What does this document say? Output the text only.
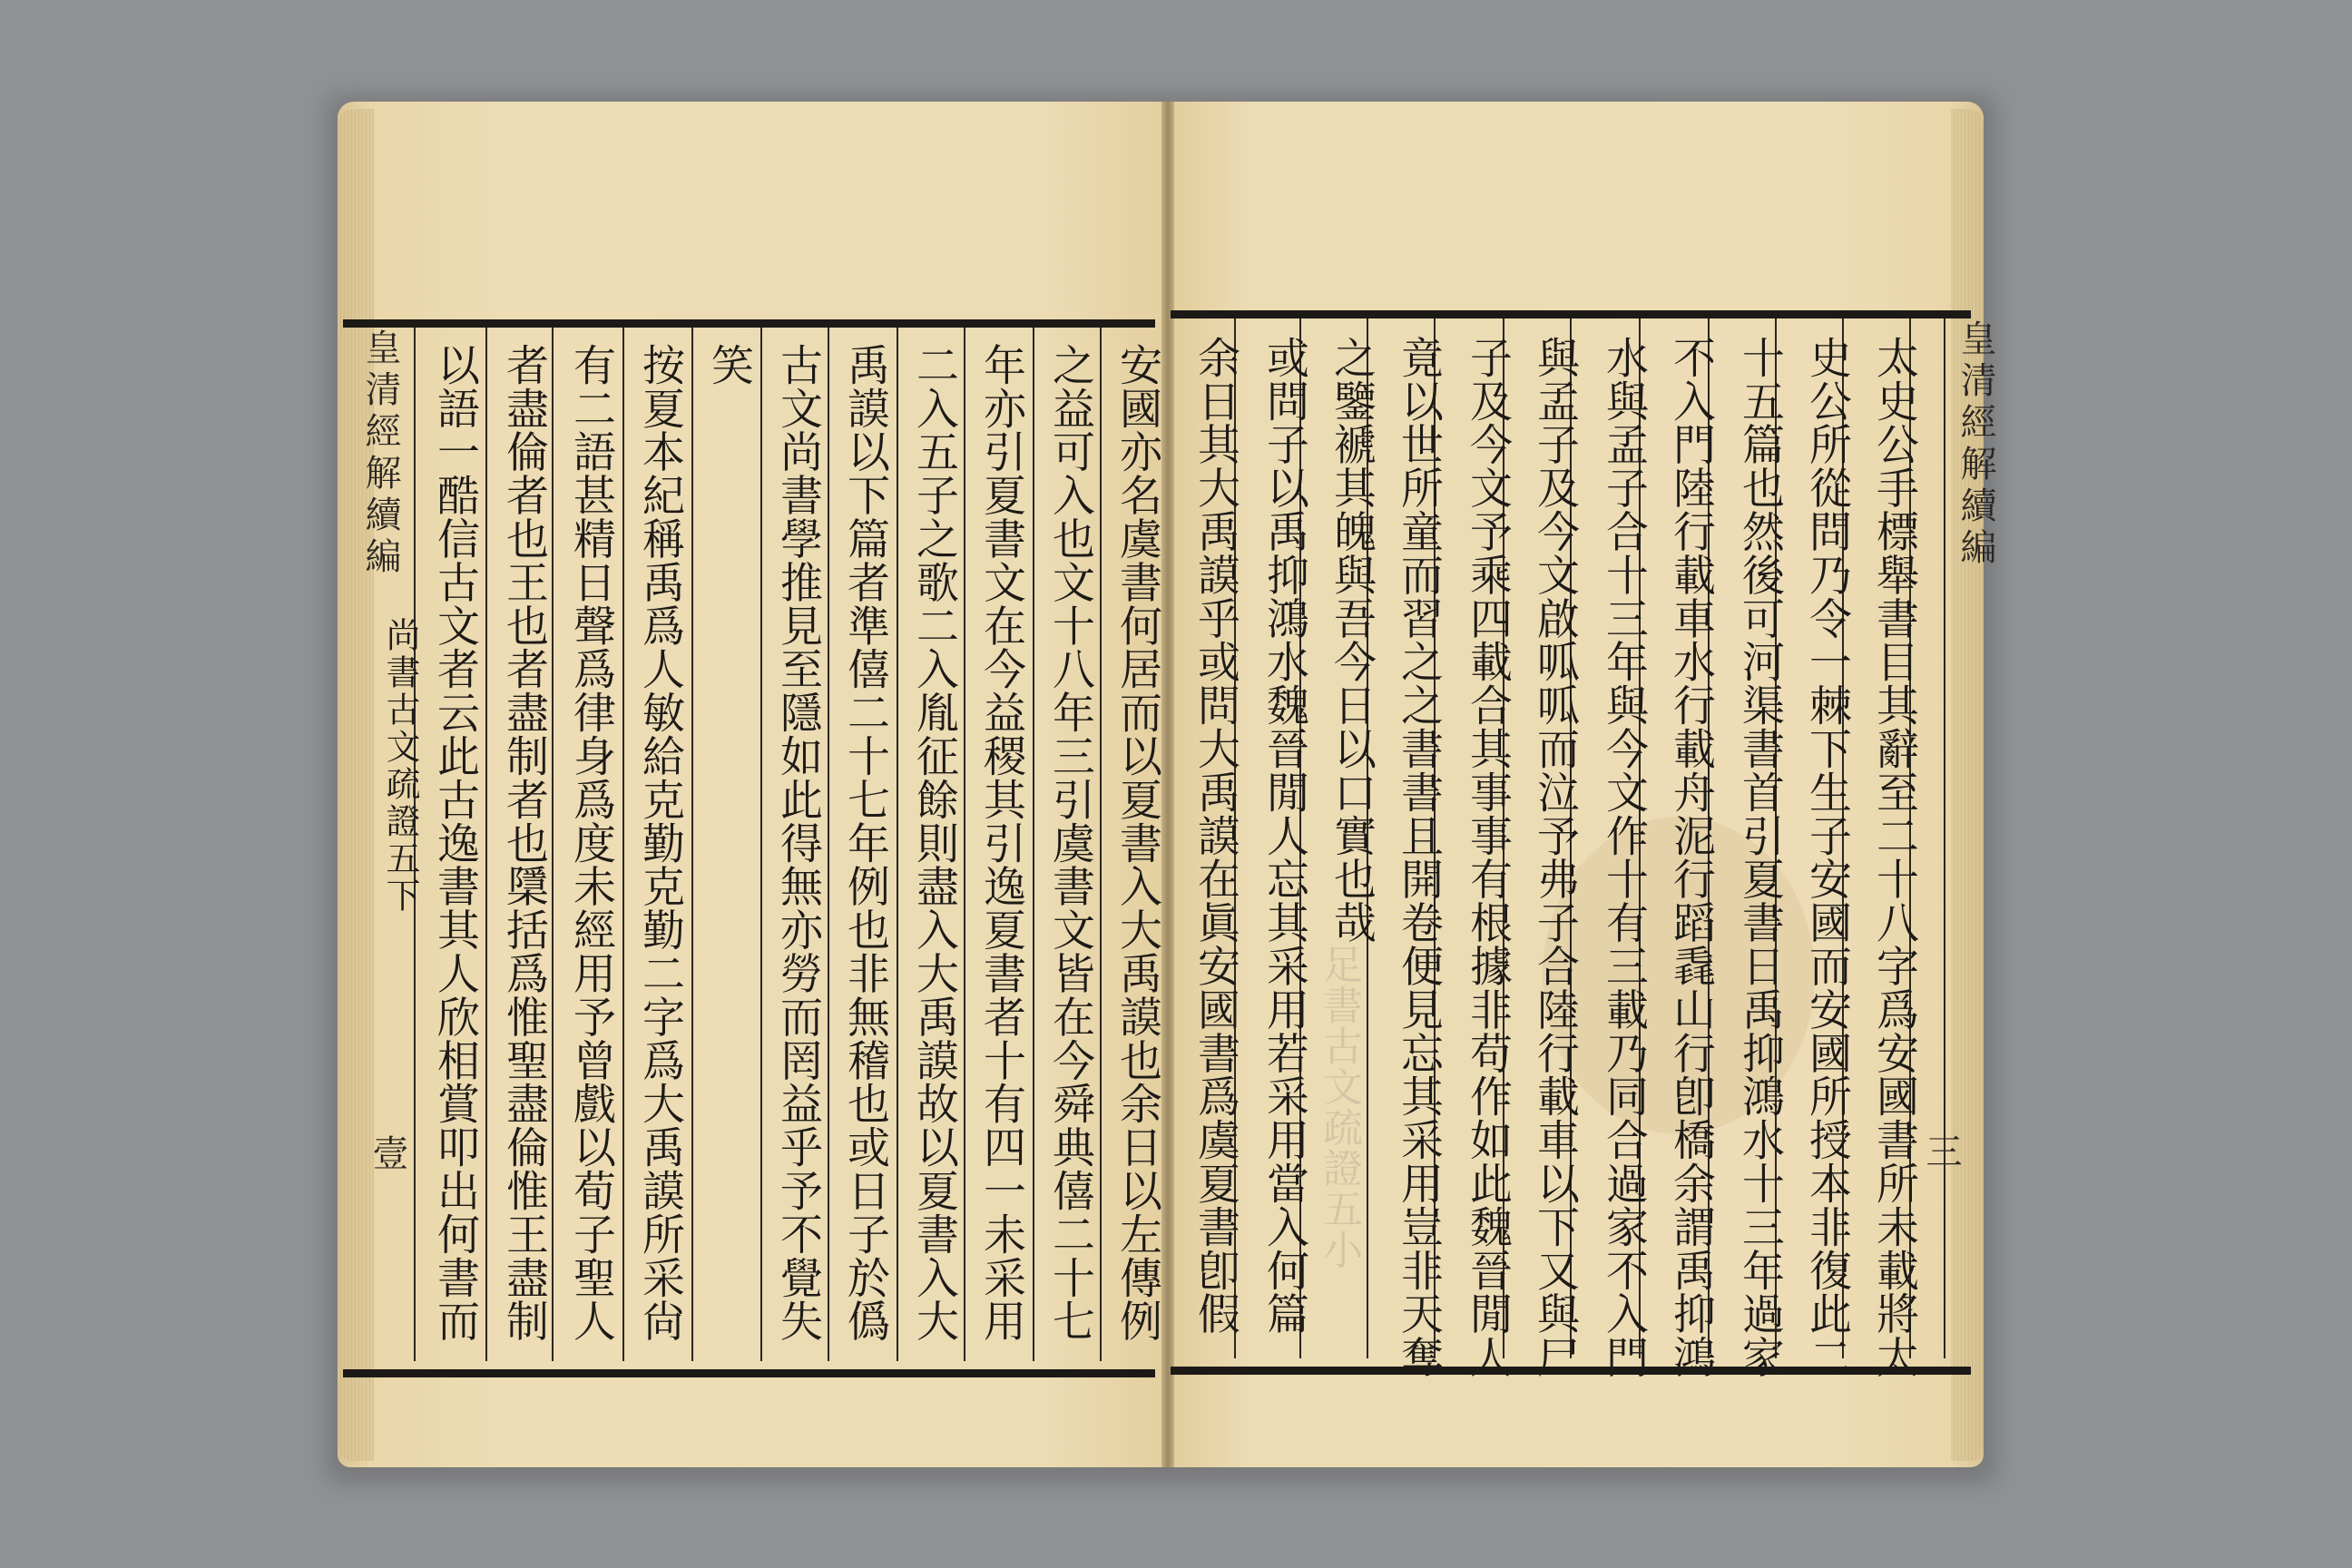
足書古文疏證五小
安國亦名虞書何居而以夏書入大禹謨也余日以左傳例
之益可入也文十八年三引虞書文皆在今舜典僖二十七
年亦引夏書文在今益稷其引逸夏書者十有四一未采用
二入五子之歌二入胤征餘則盡入大禹謨故以夏書入大
禹謨以下篇者準僖二十七年例也非無稽也或日子於僞
古文尚書學推見至隱如此得無亦勞而罔益乎予不覺失
笑
按夏本紀稱禹爲人敏給克勤克勤二字爲大禹謨所采尙
有二語甚精日聲爲律身爲度未經用予曾戲以荀子聖人
者盡倫者也王也者盡制者也檃括爲惟聖盡倫惟王盡制
以語一酷信古文者云此古逸書其人欣相賞叩出何書而
皇清經解續編
尚書古文疏證五下
壹
皇清經解續編
三
太史公手標舉書目其辭至二十八字爲安國書所未載將太
史公所從問乃令一棘下生子安國而安國所授本非復此二
十五篇也然後可河渠書首引夏書日禹抑鴻水十三年過家
不入門陸行載車水行載舟泥行蹈毳山行卽橋余謂禹抑鴻
水與孟子合十三年與今文作十有三載乃同合過家不入門
與孟子及今文啟呱呱而泣予弗子合陸行載車以下又與尸
子及今文予乘四載合其事事有根據非苟作如此魏晉閒人
竟以世所童而習之之書書且開卷便見忘其采用豈非天奪
之鑒褫其魄與吾今日以口實也哉
或問子以禹抑鴻水魏晉閒人忘其采用若采用當入何篇
余日其大禹謨乎或問大禹謨在眞安國書爲虞夏書卽假
